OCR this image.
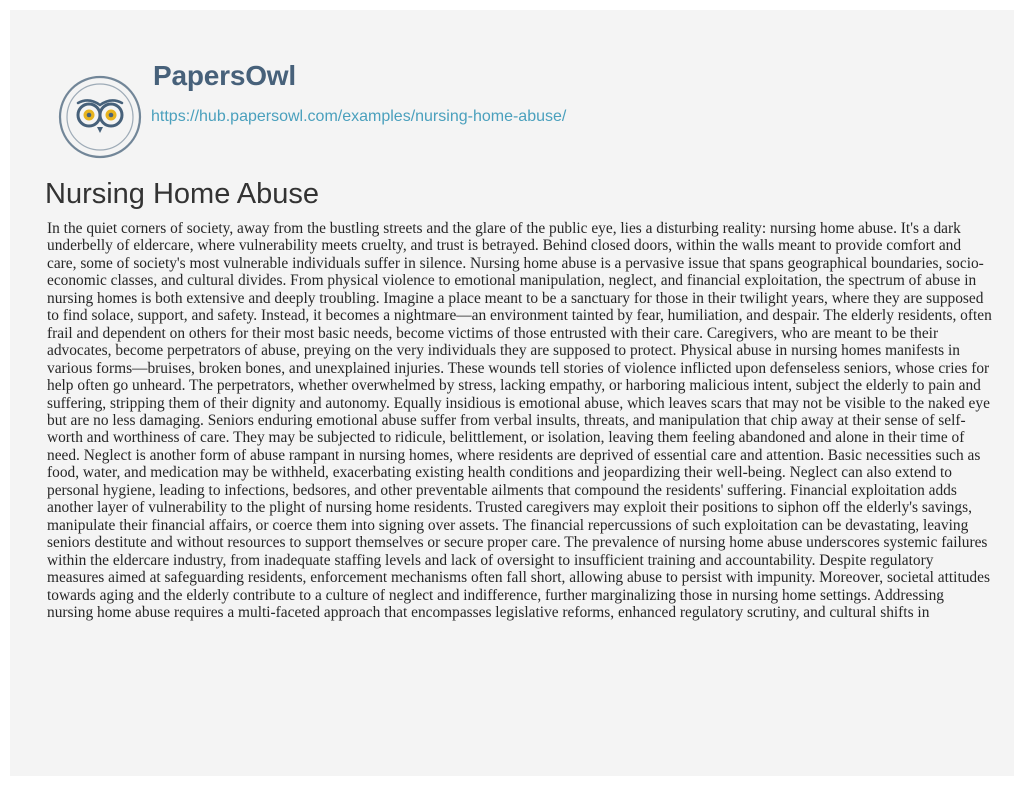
PapersOwl
https://hub.papersowl.com/examples/nursing-home-abuse/
Nursing Home Abuse

In the quiet corners of society, away from the bustling streets and the glare of the public eye, lies a disturbing reality: nursing home abuse. It's a dark underbelly of eldercare, where vulnerability meets cruelty, and trust is betrayed. Behind closed doors, within the walls meant to provide comfort and care, some of society's most vulnerable individuals suffer in silence. Nursing home abuse is a pervasive issue that spans geographical boundaries, socio-economic classes, and cultural divides. From physical violence to emotional manipulation, neglect, and financial exploitation, the spectrum of abuse in nursing homes is both extensive and deeply troubling. Imagine a place meant to be a sanctuary for those in their twilight years, where they are supposed to find solace, support, and safety. Instead, it becomes a nightmare—an environment tainted by fear, humiliation, and despair. The elderly residents, often frail and dependent on others for their most basic needs, become victims of those entrusted with their care. Caregivers, who are meant to be their advocates, become perpetrators of abuse, preying on the very individuals they are supposed to protect. Physical abuse in nursing homes manifests in various forms—bruises, broken bones, and unexplained injuries. These wounds tell stories of violence inflicted upon defenseless seniors, whose cries for help often go unheard. The perpetrators, whether overwhelmed by stress, lacking empathy, or harboring malicious intent, subject the elderly to pain and suffering, stripping them of their dignity and autonomy. Equally insidious is emotional abuse, which leaves scars that may not be visible to the naked eye but are no less damaging. Seniors enduring emotional abuse suffer from verbal insults, threats, and manipulation that chip away at their sense of self-worth and worthiness of care. They may be subjected to ridicule, belittlement, or isolation, leaving them feeling abandoned and alone in their time of need. Neglect is another form of abuse rampant in nursing homes, where residents are deprived of essential care and attention. Basic necessities such as food, water, and medication may be withheld, exacerbating existing health conditions and jeopardizing their well-being. Neglect can also extend to personal hygiene, leading to infections, bedsores, and other preventable ailments that compound the residents' suffering. Financial exploitation adds another layer of vulnerability to the plight of nursing home residents. Trusted caregivers may exploit their positions to siphon off the elderly's savings, manipulate their financial affairs, or coerce them into signing over assets. The financial repercussions of such exploitation can be devastating, leaving seniors destitute and without resources to support themselves or secure proper care. The prevalence of nursing home abuse underscores systemic failures within the eldercare industry, from inadequate staffing levels and lack of oversight to insufficient training and accountability. Despite regulatory measures aimed at safeguarding residents, enforcement mechanisms often fall short, allowing abuse to persist with impunity. Moreover, societal attitudes towards aging and the elderly contribute to a culture of neglect and indifference, further marginalizing those in nursing home settings. Addressing nursing home abuse requires a multi-faceted approach that encompasses legislative reforms, enhanced regulatory scrutiny, and cultural shifts in
